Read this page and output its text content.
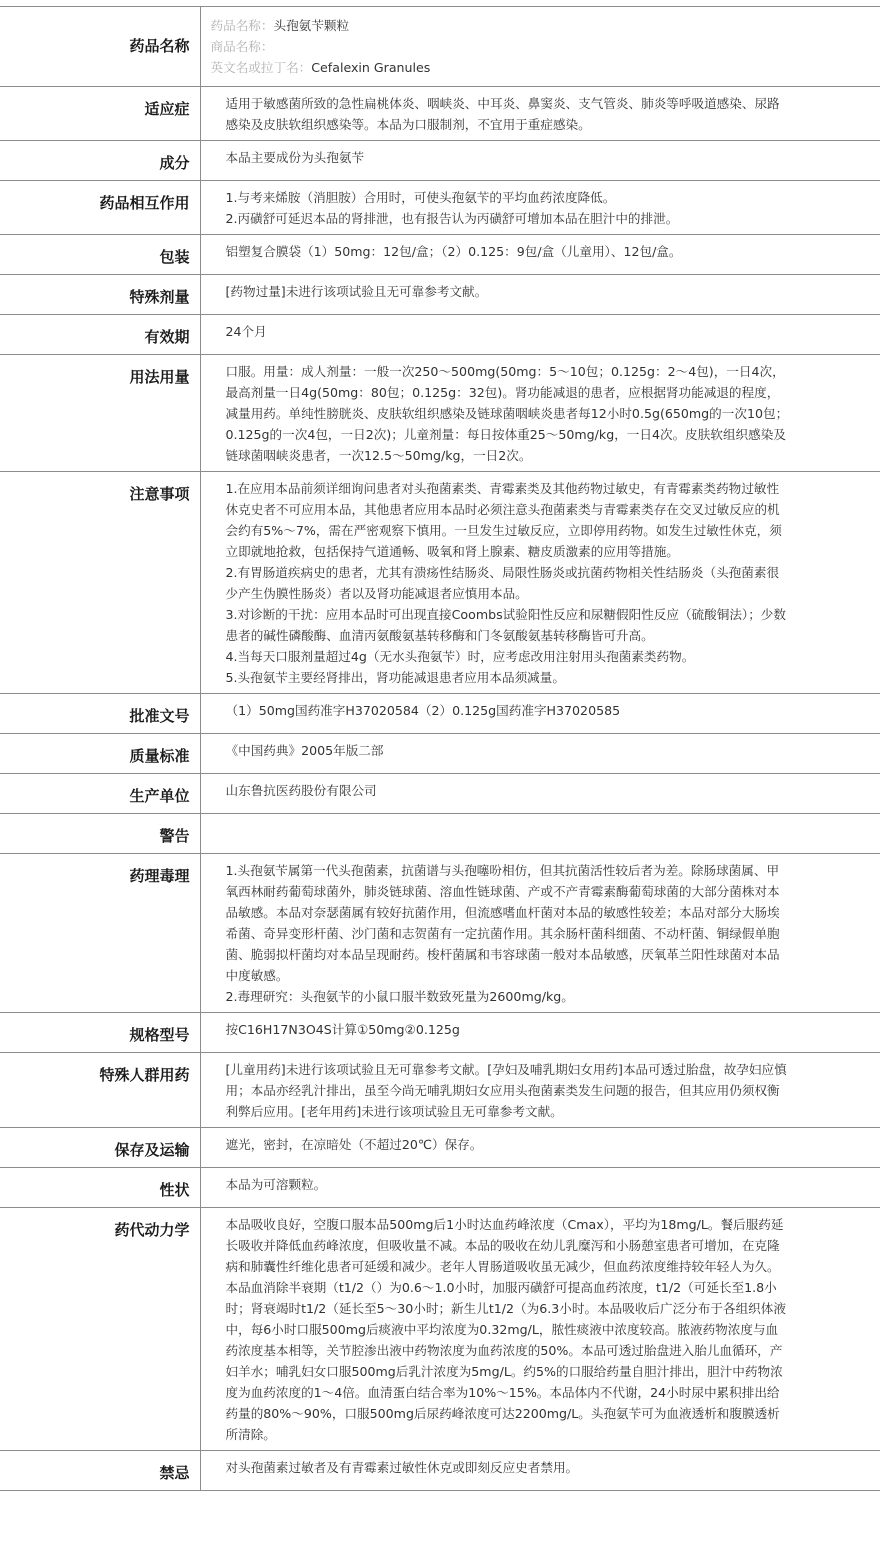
药品名称	药品名称：头孢氨苄颗粒

商品名称：

英文名或拉丁名：Cefalexin Granules

适应症	适用于敏感菌所致的急性扁桃体炎、咽峡炎、中耳炎、鼻窦炎、支气管炎、肺炎等呼吸道感染、尿路感染及皮肤软组织感染等。本品为口服制剂，不宜用于重症感染。

成分	本品主要成份为头孢氨苄

药品相互作用	1.与考来烯胺（消胆胺）合用时，可使头孢氨苄的平均血药浓度降低。

2.丙磺舒可延迟本品的肾排泄，也有报告认为丙磺舒可增加本品在胆汁中的排泄。

包装	铝塑复合膜袋（1）50mg：12包/盒；（2）0.125：9包/盒（儿童用）、12包/盒。

特殊剂量	[药物过量]未进行该项试验且无可靠参考文献。

有效期	24个月

用法用量	口服。用量：成人剂量：一般一次250～500mg(50mg：5～10包；0.125g：2～4包)，一日4次，最高剂量一日4g(50mg：80包；0.125g：32包)。肾功能减退的患者，应根据肾功能减退的程度，减量用药。单纯性膀胱炎、皮肤软组织感染及链球菌咽峡炎患者每12小时0.5g(650mg的一次10包；0.125g的一次4包，一日2次)；儿童剂量：每日按体重25～50mg/kg，一日4次。皮肤软组织感染及链球菌咽峡炎患者，一次12.5～50mg/kg，一日2次。

注意事项	1.在应用本品前须详细询问患者对头孢菌素类、青霉素类及其他药物过敏史，有青霉素类药物过敏性休克史者不可应用本品，其他患者应用本品时必须注意头孢菌素类与青霉素类存在交叉过敏反应的机会约有5%～7%，需在严密观察下慎用。一旦发生过敏反应，立即停用药物。如发生过敏性休克，须立即就地抢救，包括保持气道通畅、吸氧和肾上腺素、糖皮质激素的应用等措施。

2.有胃肠道疾病史的患者，尤其有溃疡性结肠炎、局限性肠炎或抗菌药物相关性结肠炎（头孢菌素很少产生伪膜性肠炎）者以及肾功能减退者应慎用本品。

3.对诊断的干扰：应用本品时可出现直接Coombs试验阳性反应和尿糖假阳性反应（硫酸铜法）；少数患者的碱性磷酸酶、血清丙氨酸氨基转移酶和门冬氨酸氨基转移酶皆可升高。

4.当每天口服剂量超过4g（无水头孢氨苄）时，应考虑改用注射用头孢菌素类药物。

5.头孢氨苄主要经肾排出，肾功能减退患者应用本品须减量。

批准文号	（1）50mg国药准字H37020584（2）0.125g国药准字H37020585

质量标准	《中国药典》2005年版二部

生产单位	山东鲁抗医药股份有限公司

警告	
药理毒理	1.头孢氨苄属第一代头孢菌素，抗菌谱与头孢噻吩相仿，但其抗菌活性较后者为差。除肠球菌属、甲氧西林耐药葡萄球菌外，肺炎链球菌、溶血性链球菌、产或不产青霉素酶葡萄球菌的大部分菌株对本品敏感。本品对奈瑟菌属有较好抗菌作用，但流感嗜血杆菌对本品的敏感性较差；本品对部分大肠埃希菌、奇异变形杆菌、沙门菌和志贺菌有一定抗菌作用。其余肠杆菌科细菌、不动杆菌、铜绿假单胞菌、脆弱拟杆菌均对本品呈现耐药。梭杆菌属和韦容球菌一般对本品敏感，厌氧革兰阳性球菌对本品中度敏感。

2.毒理研究：头孢氨苄的小鼠口服半数致死量为2600mg/kg。

规格型号	按C16H17N3O4S计算①50mg②0.125g

特殊人群用药	[儿童用药]未进行该项试验且无可靠参考文献。[孕妇及哺乳期妇女用药]本品可透过胎盘，故孕妇应慎用；本品亦经乳汁排出，虽至今尚无哺乳期妇女应用头孢菌素类发生问题的报告，但其应用仍须权衡利弊后应用。[老年用药]未进行该项试验且无可靠参考文献。

保存及运输	遮光，密封，在凉暗处（不超过20℃）保存。

性状	本品为可溶颗粒。

药代动力学	本品吸收良好，空腹口服本品500mg后1小时达血药峰浓度（Cmax），平均为18mg/L。餐后服药延长吸收并降低血药峰浓度，但吸收量不减。本品的吸收在幼儿乳糜泻和小肠憩室患者可增加，在克隆病和肺囊性纤维化患者可延缓和减少。老年人胃肠道吸收虽无减少，但血药浓度维持较年轻人为久。本品血消除半衰期（t1/2（）为0.6～1.0小时，加服丙磺舒可提高血药浓度，t1/2（可延长至1.8小时；肾衰竭时t1/2（延长至5～30小时；新生儿t1/2（为6.3小时。本品吸收后广泛分布于各组织体液中，每6小时口服500mg后痰液中平均浓度为0.32mg/L，脓性痰液中浓度较高。脓液药物浓度与血药浓度基本相等，关节腔渗出液中药物浓度为血药浓度的50%。本品可透过胎盘进入胎儿血循环，产妇羊水；哺乳妇女口服500mg后乳汁浓度为5mg/L。约5%的口服给药量自胆汁排出，胆汁中药物浓度为血药浓度的1～4倍。血清蛋白结合率为10%～15%。本品体内不代谢，24小时尿中累积排出给药量的80%～90%，口服500mg后尿药峰浓度可达2200mg/L。头孢氨苄可为血液透析和腹膜透析所清除。

禁忌	对头孢菌素过敏者及有青霉素过敏性休克或即刻反应史者禁用。
